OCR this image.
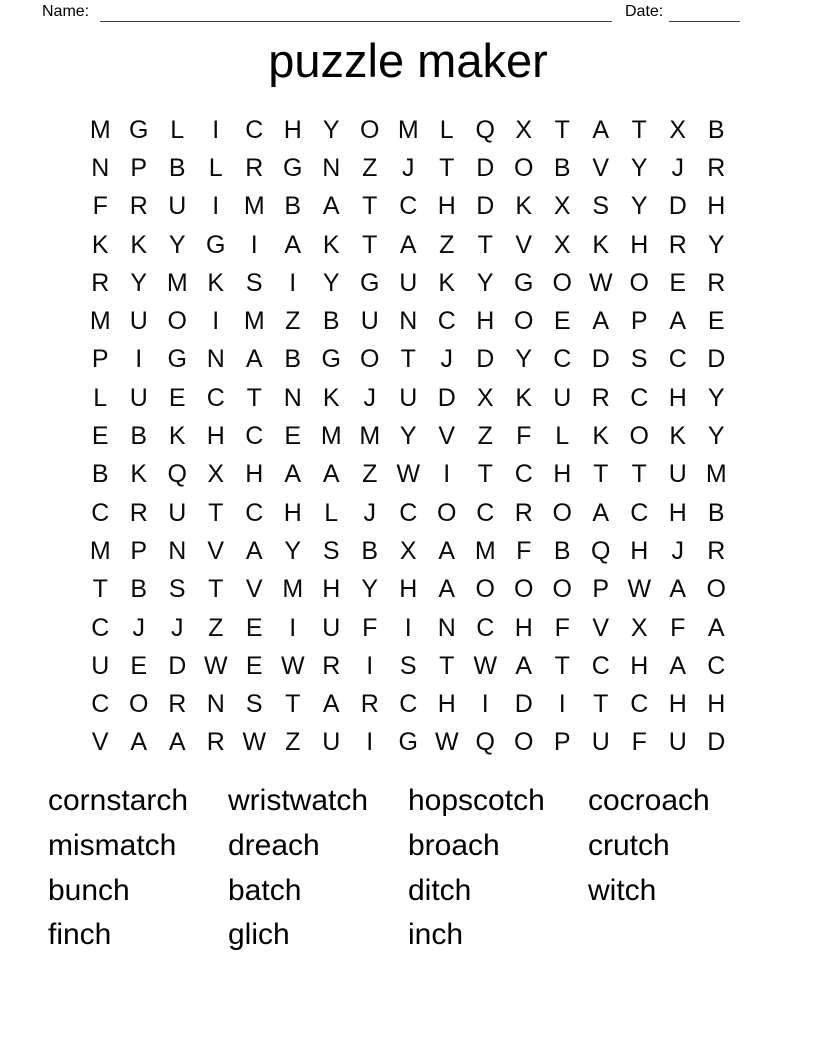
Name:	Date:
puzzle maker
M G L	I	C H Y O M L Q X T A T X B
N P B L R G N Z J T D O B V Y J R
F R U	I M B A T C H D K X S Y D H
K K Y G	I	A K T A Z T V X K H R Y
R Y M K S	I	Y G U K Y G O W O E R
M U O	I M Z B U N C H O E A P A E
P	I	G N A B G O T J D Y C D S C D
L U E C T N K J U D X K U R C H Y
E B K H C E M M Y V Z F L K O K Y
B K Q X H A A Z W I	T C H T T U M
C R U T C H L	J C O C R O A C H B
M P N V A Y S B X A M F B Q H J R
T B S T V M H Y H A O O O P W A O
C J	J Z E	I	U F	I	N C H F V X F A
U E D W E W R	I	S T W A T C H A C
C O R N S T A R C H	I	D	I	T C H H
V A A R W Z U	I	G W Q O P U F U D
cornstarch	wristwatch	hopscotch	cocroach
mismatch	dreach	broach	crutch
bunch	batch	ditch	witch
finch	glich	inch
